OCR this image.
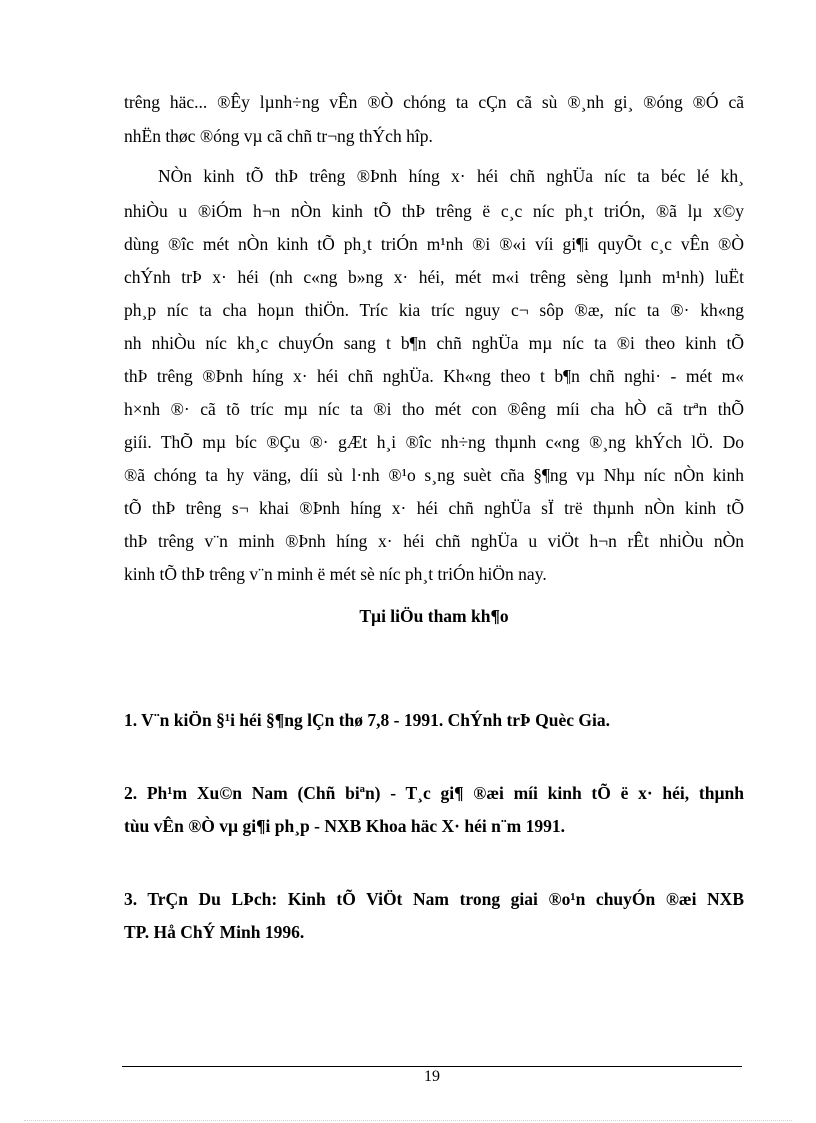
trêng häc... ®Êy lµnh÷ng vÊn ®Ò chóng ta cÇn cã sù ®¸nh gi¸ ®óng ®Ó cã
nhËn thøc ®óng vµ cã chñ tr¬ng thÝch hîp.
NÒn kinh tÕ thÞ trêng ®Þnh híng x· héi chñ nghÜa níc ta béc lé kh¸
nhiÒu u ®iÓm h¬n nÒn kinh tÕ thÞ trêng ë c¸c níc ph¸t triÓn, ®ã lµ x©y
dùng ®îc mét nÒn kinh tÕ ph¸t triÓn m¹nh ®i ®«i víi gi¶i quyÕt c¸c vÊn ®Ò
chÝnh trÞ x· héi (nh c«ng b»ng x· héi, mét m«i trêng sèng lµnh m¹nh) luËt
ph¸p níc ta cha hoµn thiÖn. Tríc kia tríc nguy c¬ sôp ®æ, níc ta ®· kh«ng
nh nhiÒu níc kh¸c chuyÓn sang t b¶n chñ nghÜa mµ níc ta ®i theo kinh tÕ
thÞ trêng ®Þnh híng x· héi chñ nghÜa. Kh«ng theo t b¶n chñ nghi· - mét m«
h×nh ®· cã tõ tríc mµ níc ta ®i tho mét con ®êng míi cha hÒ cã trªn thÕ
giíi. ThÕ mµ bíc ®Çu ®· gÆt h¸i ®îc nh÷ng thµnh c«ng ®¸ng khÝch lÖ. Do
®ã chóng ta hy väng, díi sù l·nh ®¹o s¸ng suèt cña §¶ng vµ Nhµ níc nÒn kinh
tÕ thÞ trêng s¬ khai ®Þnh híng x· héi chñ nghÜa sÏ trë thµnh nÒn kinh tÕ
thÞ trêng v¨n minh ®Þnh híng x· héi chñ nghÜa u viÖt h¬n rÊt nhiÒu nÒn
kinh tÕ thÞ trêng v¨n minh ë mét sè níc ph¸t triÓn hiÖn nay.
Tµi liÖu tham kh¶o
1. V¨n kiÖn §¹i héi §¶ng lÇn thø 7,8 - 1991. ChÝnh trÞ Quèc Gia.
2. Ph¹m Xu©n Nam (Chñ biªn) - T¸c gi¶ ®æi míi kinh tÕ ë x· héi, thµnh
tùu vÊn ®Ò vµ gi¶i ph¸p - NXB Khoa häc X· héi n¨m 1991.
3. TrÇn Du LÞch: Kinh tÕ ViÖt Nam trong giai ®o¹n chuyÓn ®æi NXB
TP. Hå ChÝ Minh 1996.
19
